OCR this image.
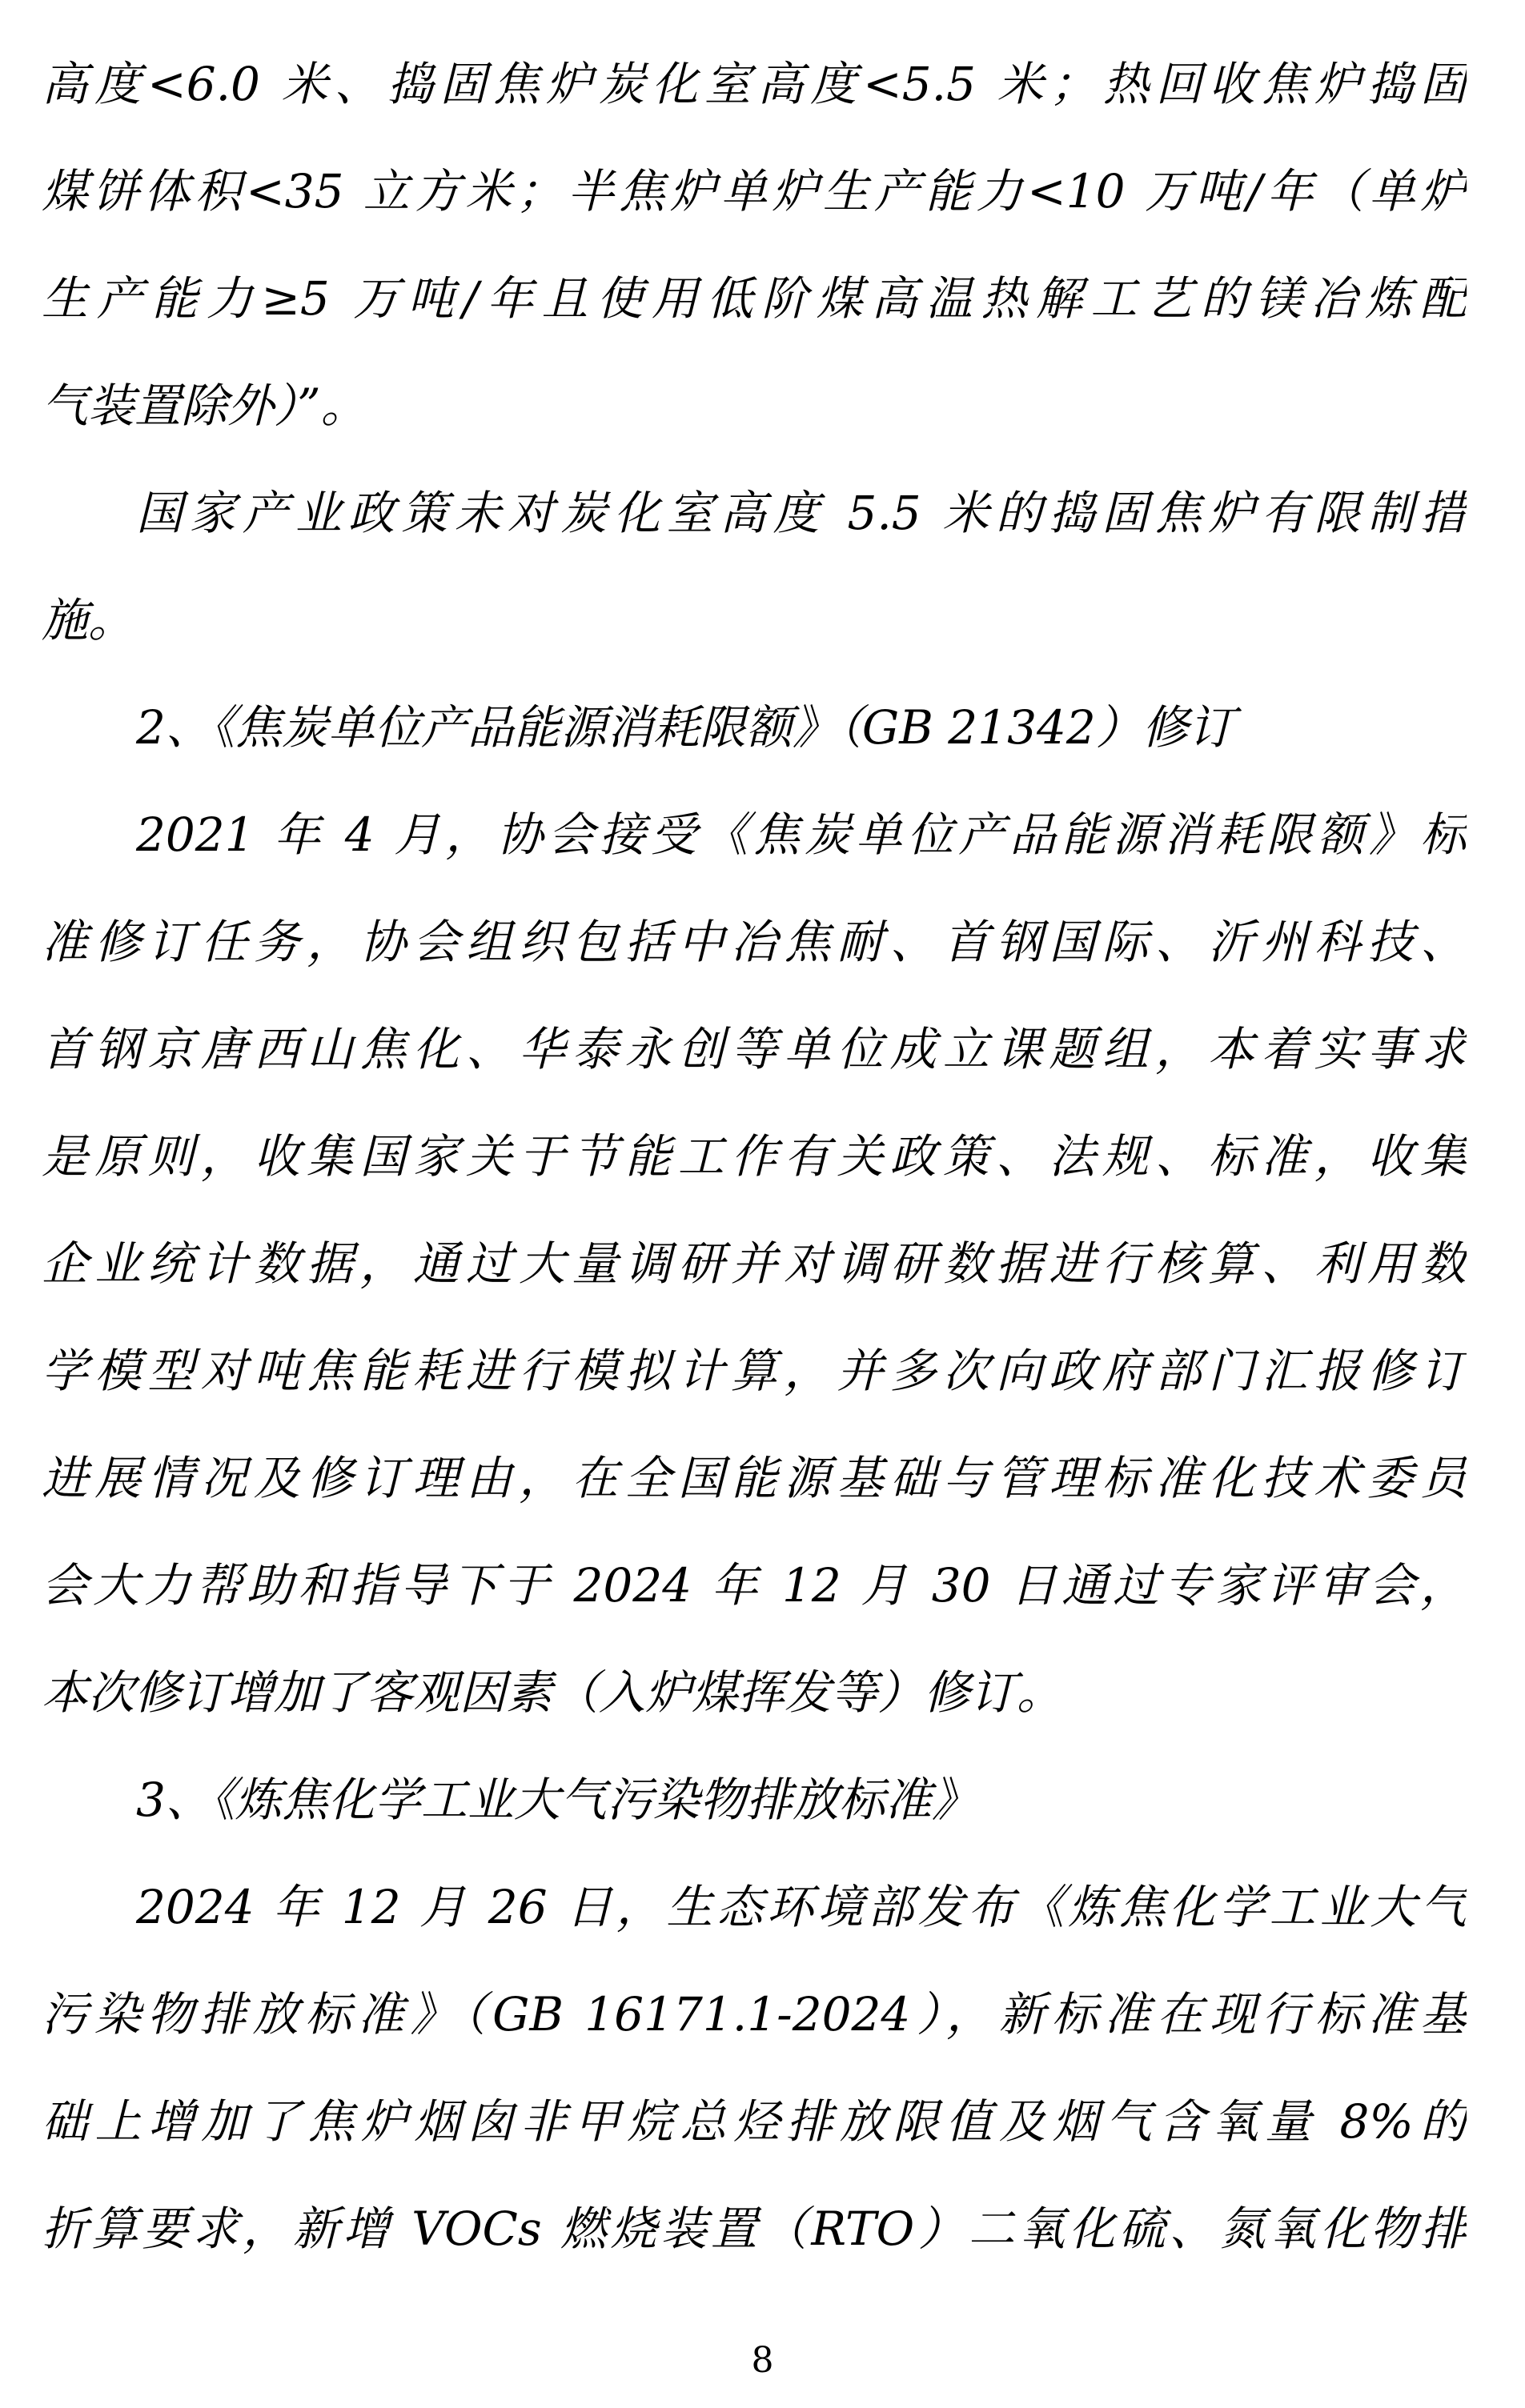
高度<6.0 米、捣固焦炉炭化室高度<5.5 米；热回收焦炉捣固
煤饼体积<35 立方米；半焦炉单炉生产能力<10 万吨/年（单炉
生产能力≥5 万吨/年且使用低阶煤高温热解工艺的镁冶炼配
气装置除外）”。
国家产业政策未对炭化室高度 5.5 米的捣固焦炉有限制措
施。
2、《焦炭单位产品能源消耗限额》（GB 21342）修订
2021 年 4 月，协会接受《焦炭单位产品能源消耗限额》标
准修订任务，协会组织包括中冶焦耐、首钢国际、沂州科技、
首钢京唐西山焦化、华泰永创等单位成立课题组，本着实事求
是原则，收集国家关于节能工作有关政策、法规、标准，收集
企业统计数据，通过大量调研并对调研数据进行核算、利用数
学模型对吨焦能耗进行模拟计算，并多次向政府部门汇报修订
进展情况及修订理由，在全国能源基础与管理标准化技术委员
会大力帮助和指导下于 2024 年 12 月 30 日通过专家评审会，
本次修订增加了客观因素（入炉煤挥发等）修订。
3、《炼焦化学工业大气污染物排放标准》
2024 年 12 月 26 日，生态环境部发布《炼焦化学工业大气
污染物排放标准》（GB 16171.1-2024），新标准在现行标准基
础上增加了焦炉烟囱非甲烷总烃排放限值及烟气含氧量 8%的
折算要求，新增 VOCs 燃烧装置（RTO）二氧化硫、氮氧化物排
8
